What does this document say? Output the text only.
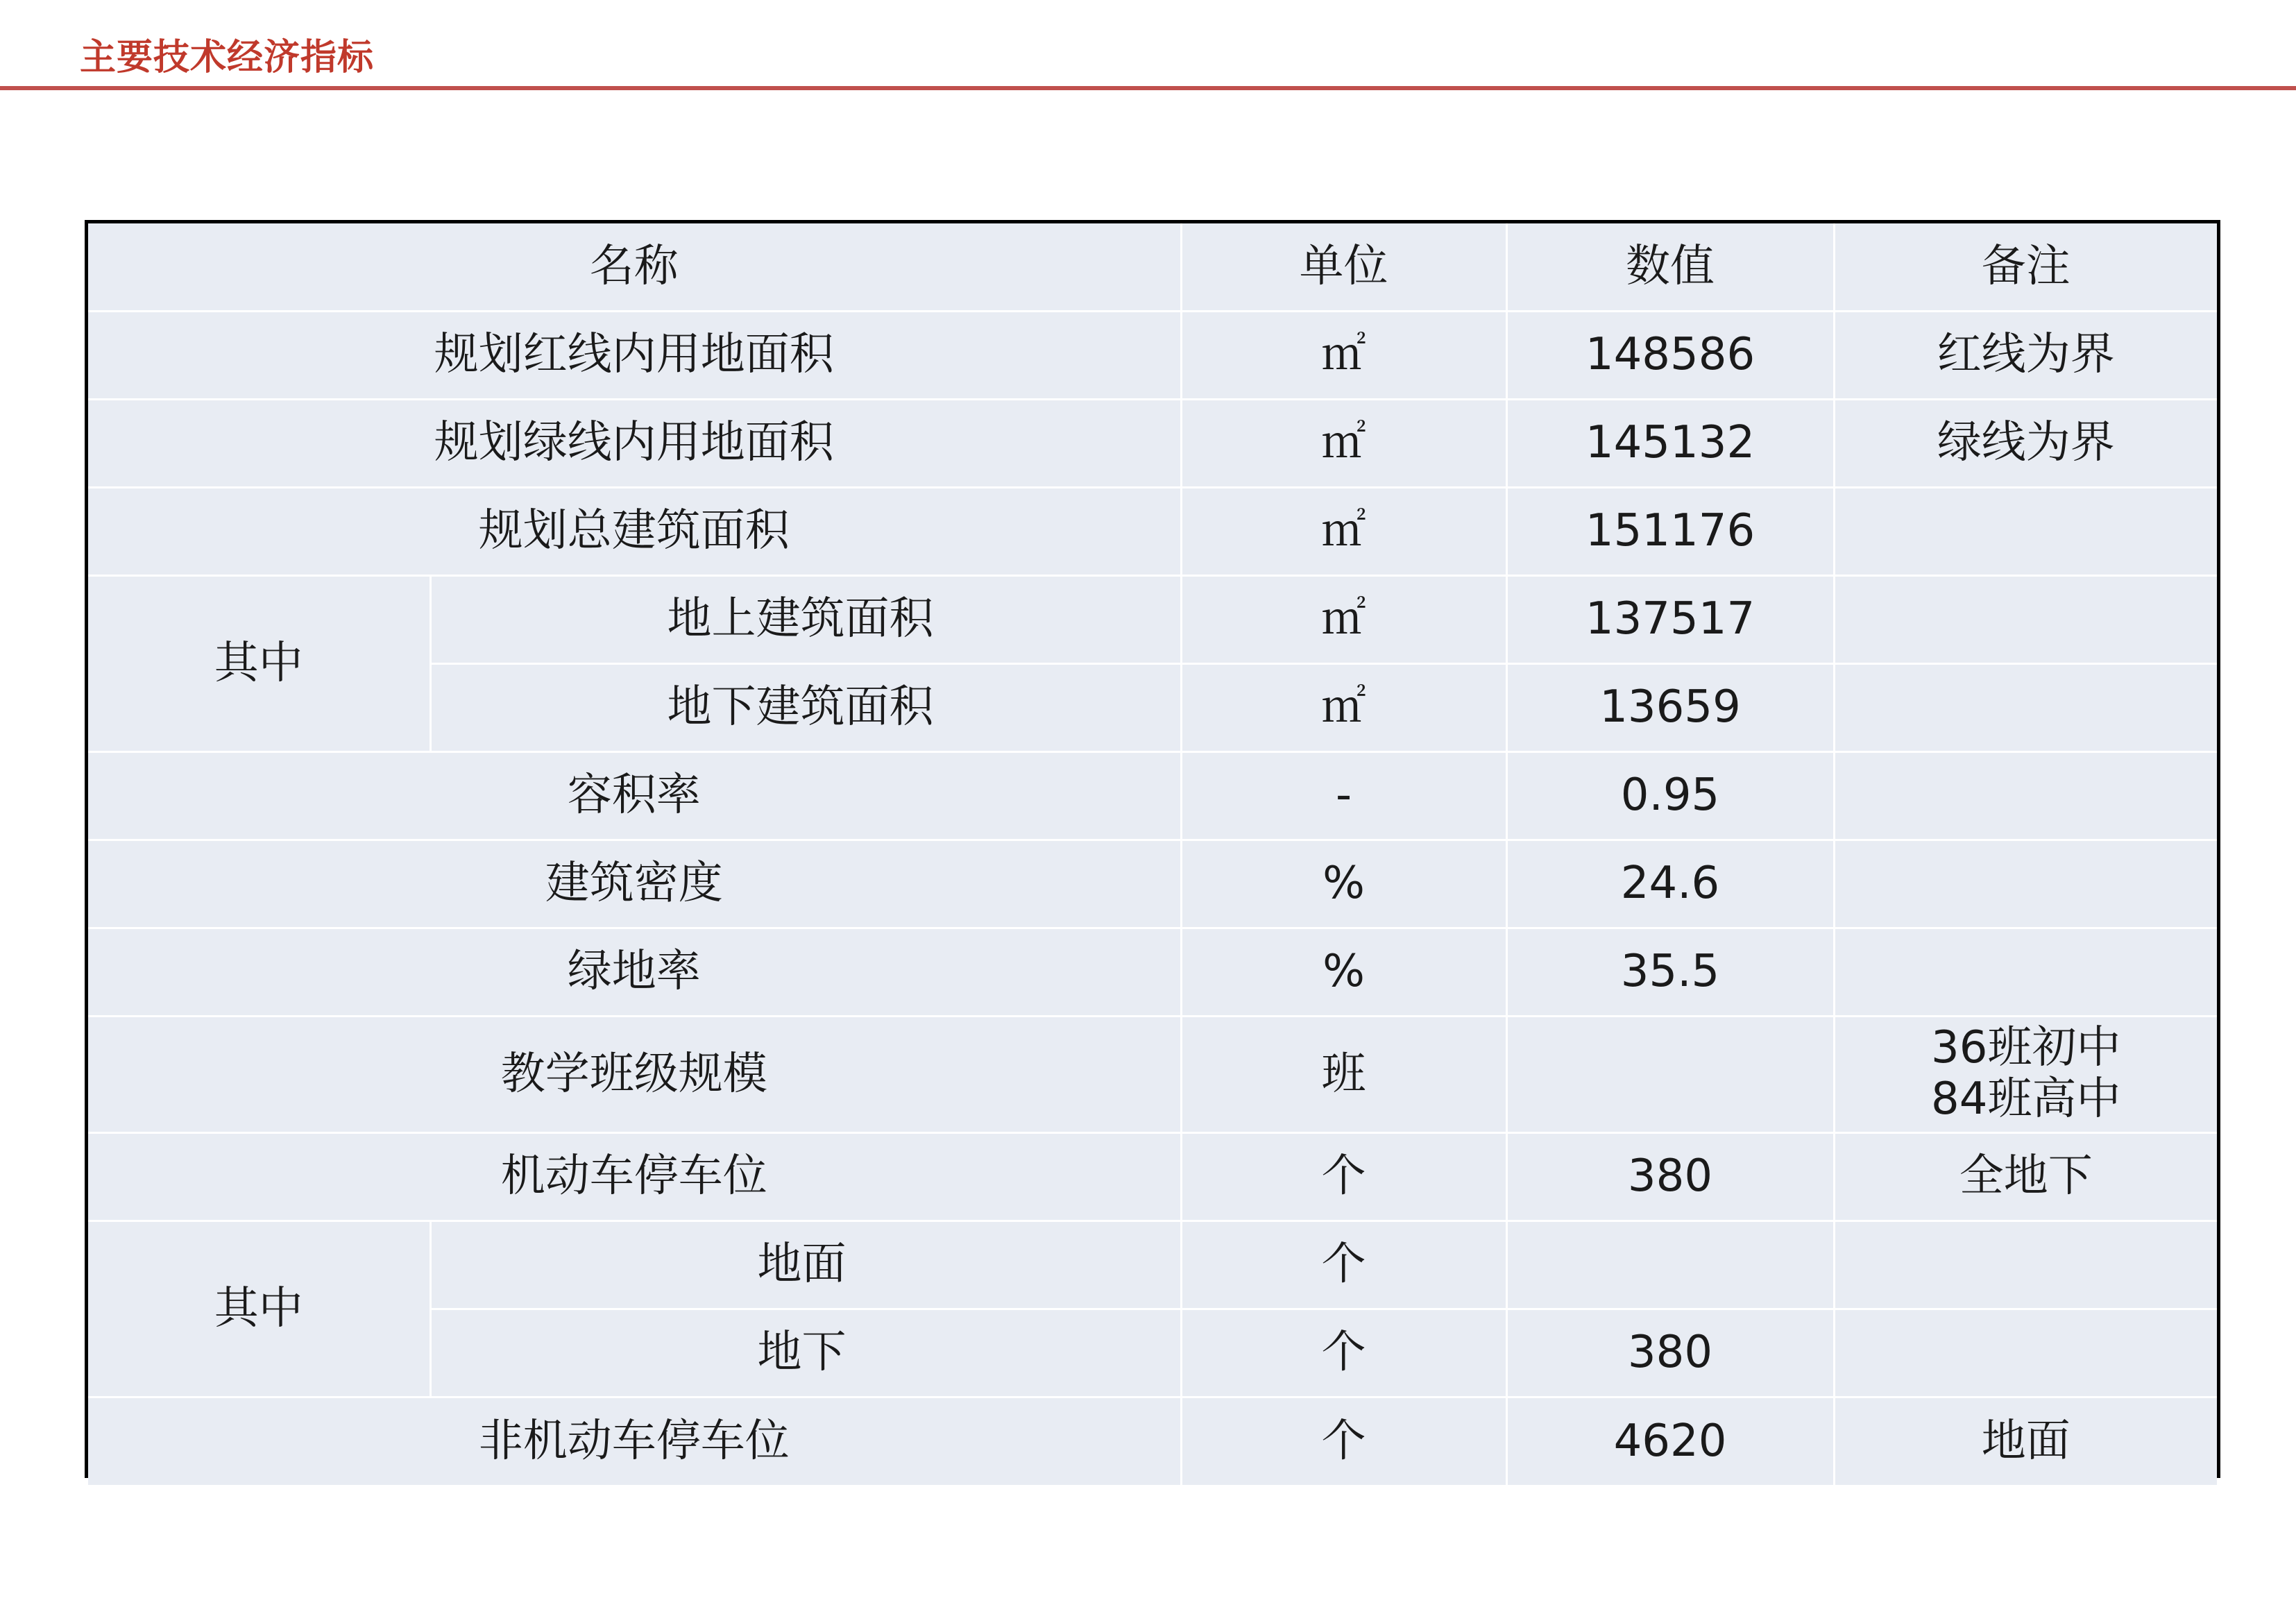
主要技术经济指标
名称		单位	数值	备注
规划红线内用地面积		㎡	148586	红线为界
规划绿线内用地面积		㎡	145132	绿线为界
规划总建筑面积		㎡	151176	
其中	地上建筑面积	㎡	137517	
	地下建筑面积	㎡	13659	
容积率		-	0.95	
建筑密度		%	24.6	
绿地率		%	35.5	
教学班级规模		班		36班初中
84班高中

机动车停车位		个	380	全地下
其中	地面	个		
	地下	个	380	
非机动车停车位		个	4620	地面
